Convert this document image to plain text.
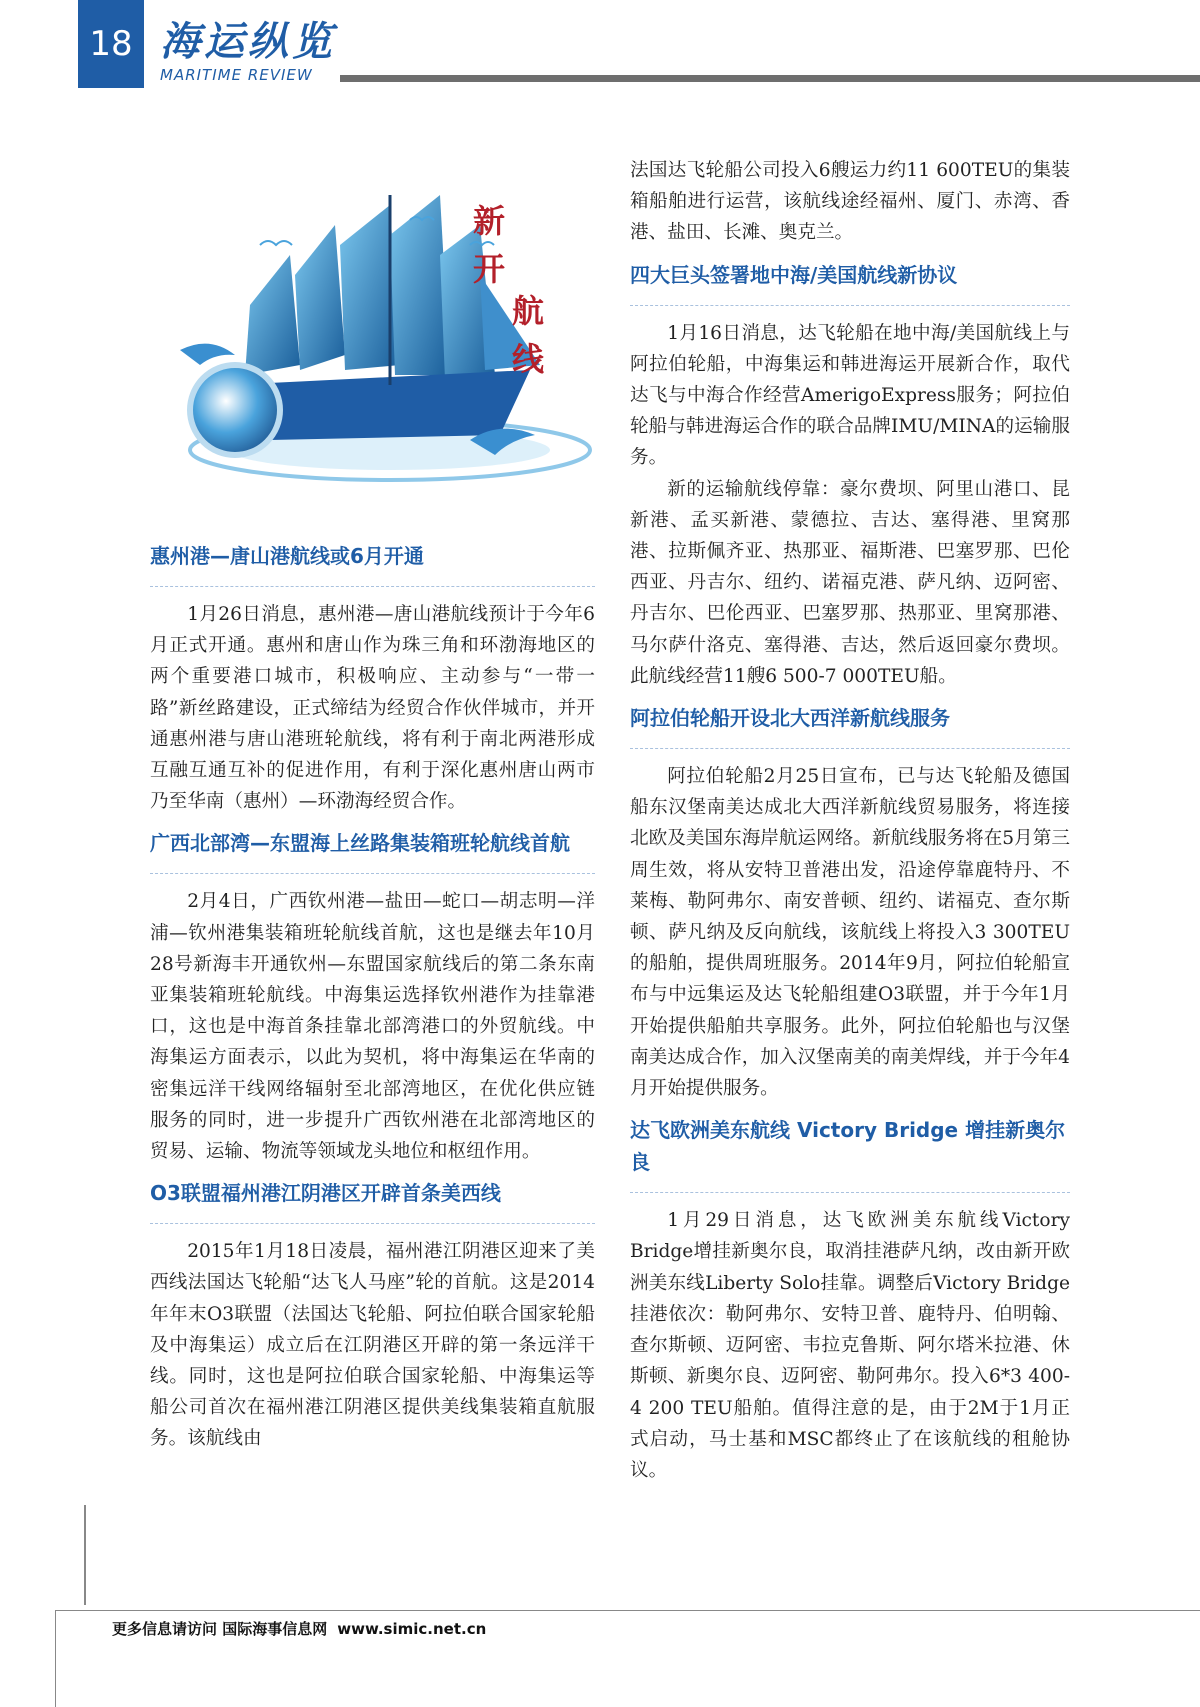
18 海运纵览
MARITIME REVIEW
新
开
航
线
惠州港—唐山港航线或6月开通

1月26日消息，惠州港—唐山港航线预计于今年6月正式开通。惠州和唐山作为珠三角和环渤海地区的两个重要港口城市，积极响应、主动参与“一带一路”新丝路建设，正式缔结为经贸合作伙伴城市，并开通惠州港与唐山港班轮航线，将有利于南北两港形成互融互通互补的促进作用，有利于深化惠州唐山两市乃至华南（惠州）—环渤海经贸合作。

广西北部湾—东盟海上丝路集装箱班轮航线首航

2月4日，广西钦州港—盐田—蛇口—胡志明—洋浦—钦州港集装箱班轮航线首航，这也是继去年10月28号新海丰开通钦州—东盟国家航线后的第二条东南亚集装箱班轮航线。中海集运选择钦州港作为挂靠港口，这也是中海首条挂靠北部湾港口的外贸航线。中海集运方面表示，以此为契机，将中海集运在华南的密集远洋干线网络辐射至北部湾地区，在优化供应链服务的同时，进一步提升广西钦州港在北部湾地区的贸易、运输、物流等领域龙头地位和枢纽作用。

O3联盟福州港江阴港区开辟首条美西线

2015年1月18日凌晨，福州港江阴港区迎来了美西线法国达飞轮船“达飞人马座”轮的首航。这是2014年年末O3联盟（法国达飞轮船、阿拉伯联合国家轮船及中海集运）成立后在江阴港区开辟的第一条远洋干线。同时，这也是阿拉伯联合国家轮船、中海集运等船公司首次在福州港江阴港区提供美线集装箱直航服务。该航线由

法国达飞轮船公司投入6艘运力约11 600TEU的集装箱船舶进行运营，该航线途经福州、厦门、赤湾、香港、盐田、长滩、奥克兰。

四大巨头签署地中海/美国航线新协议

1月16日消息，达飞轮船在地中海/美国航线上与阿拉伯轮船，中海集运和韩进海运开展新合作，取代达飞与中海合作经营AmerigoExpress服务；阿拉伯轮船与韩进海运合作的联合品牌IMU/MINA的运输服务。

新的运输航线停靠：豪尔费坝、阿里山港口、昆新港、孟买新港、蒙德拉、吉达、塞得港、里窝那港、拉斯佩齐亚、热那亚、福斯港、巴塞罗那、巴伦西亚、丹吉尔、纽约、诺福克港、萨凡纳、迈阿密、丹吉尔、巴伦西亚、巴塞罗那、热那亚、里窝那港、马尔萨什洛克、塞得港、吉达，然后返回豪尔费坝。此航线经营11艘6 500-7 000TEU船。

阿拉伯轮船开设北大西洋新航线服务

阿拉伯轮船2月25日宣布，已与达飞轮船及德国船东汉堡南美达成北大西洋新航线贸易服务，将连接北欧及美国东海岸航运网络。新航线服务将在5月第三周生效，将从安特卫普港出发，沿途停靠鹿特丹、不莱梅、勒阿弗尔、南安普顿、纽约、诺福克、查尔斯顿、萨凡纳及反向航线，该航线上将投入3 300TEU的船舶，提供周班服务。2014年9月，阿拉伯轮船宣布与中远集运及达飞轮船组建O3联盟，并于今年1月开始提供船舶共享服务。此外，阿拉伯轮船也与汉堡南美达成合作，加入汉堡南美的南美焊线，并于今年4月开始提供服务。

达飞欧洲美东航线 Victory Bridge 增挂新奥尔良

1月29日消息，达飞欧洲美东航线Victory Bridge增挂新奥尔良，取消挂港萨凡纳，改由新开欧洲美东线Liberty Solo挂靠。调整后Victory Bridge挂港依次：勒阿弗尔、安特卫普、鹿特丹、伯明翰、查尔斯顿、迈阿密、韦拉克鲁斯、阿尔塔米拉港、休斯顿、新奥尔良、迈阿密、勒阿弗尔。投入6*3 400-4 200 TEU船舶。值得注意的是，由于2M于1月正式启动，马士基和MSC都终止了在该航线的租舱协议。

更多信息请访问 国际海事信息网 www.simic.net.cn
